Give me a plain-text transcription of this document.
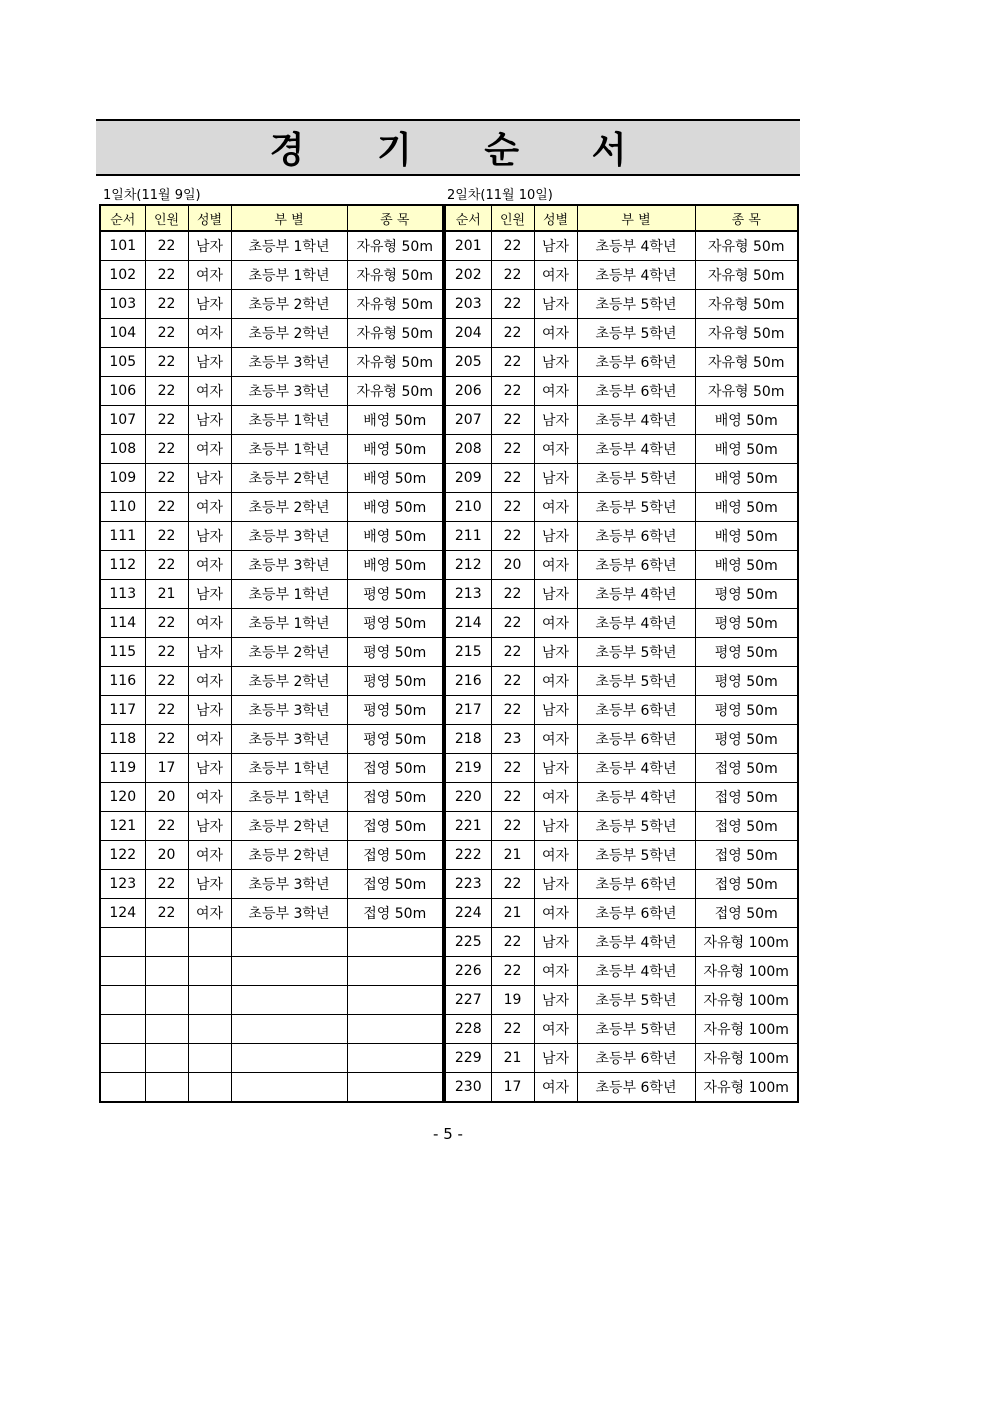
경 기 순 서
1일차(11월 9일)	2일차(11월 10일)
순서	인원	성별	부 별	종 목
101	22	남자	초등부 1학년	자유형 50m
102	22	여자	초등부 1학년	자유형 50m
103	22	남자	초등부 2학년	자유형 50m
104	22	여자	초등부 2학년	자유형 50m
105	22	남자	초등부 3학년	자유형 50m
106	22	여자	초등부 3학년	자유형 50m
107	22	남자	초등부 1학년	배영 50m
108	22	여자	초등부 1학년	배영 50m
109	22	남자	초등부 2학년	배영 50m
110	22	여자	초등부 2학년	배영 50m
111	22	남자	초등부 3학년	배영 50m
112	22	여자	초등부 3학년	배영 50m
113	21	남자	초등부 1학년	평영 50m
114	22	여자	초등부 1학년	평영 50m
115	22	남자	초등부 2학년	평영 50m
116	22	여자	초등부 2학년	평영 50m
117	22	남자	초등부 3학년	평영 50m
118	22	여자	초등부 3학년	평영 50m
119	17	남자	초등부 1학년	접영 50m
120	20	여자	초등부 1학년	접영 50m
121	22	남자	초등부 2학년	접영 50m
122	20	여자	초등부 2학년	접영 50m
123	22	남자	초등부 3학년	접영 50m
124	22	여자	초등부 3학년	접영 50m

순서	인원	성별	부 별	종 목
201	22	남자	초등부 4학년	자유형 50m
202	22	여자	초등부 4학년	자유형 50m
203	22	남자	초등부 5학년	자유형 50m
204	22	여자	초등부 5학년	자유형 50m
205	22	남자	초등부 6학년	자유형 50m
206	22	여자	초등부 6학년	자유형 50m
207	22	남자	초등부 4학년	배영 50m
208	22	여자	초등부 4학년	배영 50m
209	22	남자	초등부 5학년	배영 50m
210	22	여자	초등부 5학년	배영 50m
211	22	남자	초등부 6학년	배영 50m
212	20	여자	초등부 6학년	배영 50m
213	22	남자	초등부 4학년	평영 50m
214	22	여자	초등부 4학년	평영 50m
215	22	남자	초등부 5학년	평영 50m
216	22	여자	초등부 5학년	평영 50m
217	22	남자	초등부 6학년	평영 50m
218	23	여자	초등부 6학년	평영 50m
219	22	남자	초등부 4학년	접영 50m
220	22	여자	초등부 4학년	접영 50m
221	22	남자	초등부 5학년	접영 50m
222	21	여자	초등부 5학년	접영 50m
223	22	남자	초등부 6학년	접영 50m
224	21	여자	초등부 6학년	접영 50m
225	22	남자	초등부 4학년	자유형 100m
226	22	여자	초등부 4학년	자유형 100m
227	19	남자	초등부 5학년	자유형 100m
228	22	여자	초등부 5학년	자유형 100m
229	21	남자	초등부 6학년	자유형 100m
230	17	여자	초등부 6학년	자유형 100m
- 5 -
